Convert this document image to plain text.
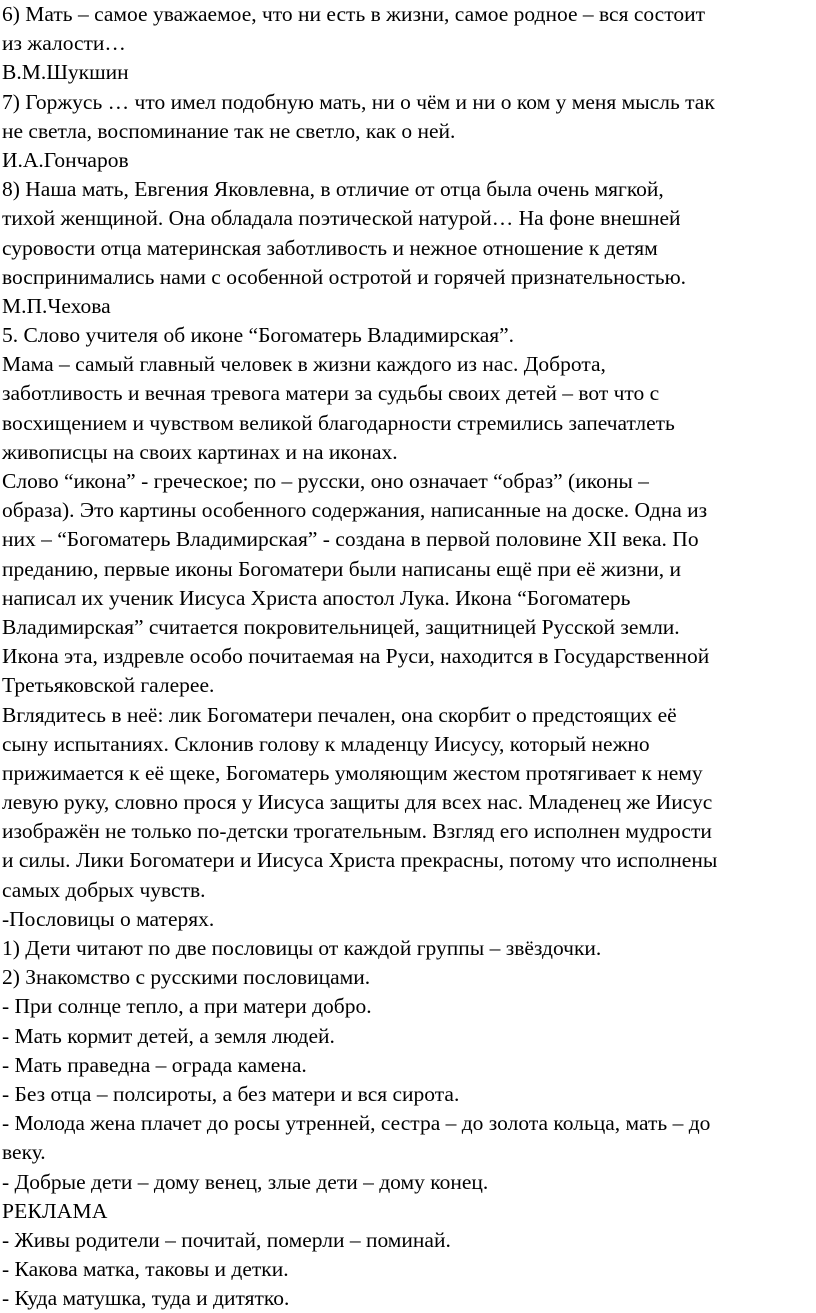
6) Мать – самое уважаемое, что ни есть в жизни, самое родное – вся состоит
из жалости…
В.М.Шукшин
7) Горжусь … что имел подобную мать, ни о чём и ни о ком у меня мысль так
не светла, воспоминание так не светло, как о ней.
И.А.Гончаров
8) Наша мать, Евгения Яковлевна, в отличие от отца была очень мягкой,
тихой женщиной. Она обладала поэтической натурой… На фоне внешней
суровости отца материнская заботливость и нежное отношение к детям
воспринимались нами с особенной остротой и горячей признательностью.
М.П.Чехова
5. Слово учителя об иконе “Богоматерь Владимирская”.
Мама – самый главный человек в жизни каждого из нас. Доброта,
заботливость и вечная тревога матери за судьбы своих детей – вот что с
восхищением и чувством великой благодарности стремились запечатлеть
живописцы на своих картинах и на иконах.
Слово “икона” - греческое; по – русски, оно означает “образ” (иконы –
образа). Это картины особенного содержания, написанные на доске. Одна из
них – “Богоматерь Владимирская” - создана в первой половине XII века. По
преданию, первые иконы Богоматери были написаны ещё при её жизни, и
написал их ученик Иисуса Христа апостол Лука. Икона “Богоматерь
Владимирская” считается покровительницей, защитницей Русской земли.
Икона эта, издревле особо почитаемая на Руси, находится в Государственной
Третьяковской галерее.
Вглядитесь в неё: лик Богоматери печален, она скорбит о предстоящих её
сыну испытаниях. Склонив голову к младенцу Иисусу, который нежно
прижимается к её щеке, Богоматерь умоляющим жестом протягивает к нему
левую руку, словно прося у Иисуса защиты для всех нас. Младенец же Иисус
изображён не только по-детски трогательным. Взгляд его исполнен мудрости
и силы. Лики Богоматери и Иисуса Христа прекрасны, потому что исполнены
самых добрых чувств.
-Пословицы о матерях.
1) Дети читают по две пословицы от каждой группы – звёздочки.
2) Знакомство с русскими пословицами.
- При солнце тепло, а при матери добро.
- Мать кормит детей, а земля людей.
- Мать праведна – ограда камена.
- Без отца – полсироты, а без матери и вся сирота.
- Молода жена плачет до росы утренней, сестра – до золота кольца, мать – до
веку.
- Добрые дети – дому венец, злые дети – дому конец.
РЕКЛАМА
- Живы родители – почитай, померли – поминай.
- Какова матка, таковы и детки.
- Куда матушка, туда и дитятко.
